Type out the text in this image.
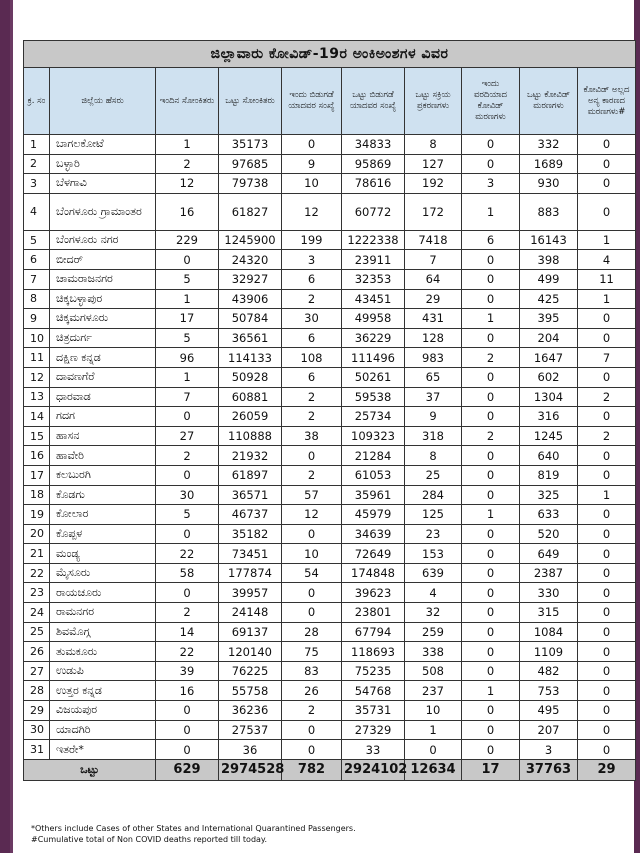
ಜಿಲ್ಲಾವಾರು ಕೋವಿಡ್-19ರ ಅಂಕಿಅಂಶಗಳ ವಿವರ									
ಕ್ರ. ಸಂ	ಜಿಲ್ಲೆಯ ಹೆಸರು	ಇಂದಿನ ಸೋಂಕಿತರು	ಒಟ್ಟು ಸೋಂಕಿತರು	ಇಂದು ಬಿಡುಗಡೆ ಯಾದವರ ಸಂಖ್ಯೆ	ಒಟ್ಟು ಬಿಡುಗಡೆ ಯಾದವರ ಸಂಖ್ಯೆ	ಒಟ್ಟು ಸಕ್ರಿಯ ಪ್ರಕರಣಗಳು	ಇಂದು ವರದಿಯಾದ ಕೋವಿಡ್ ಮರಣಗಳು	ಒಟ್ಟು ಕೋವಿಡ್ ಮರಣಗಳು	ಕೋವಿಡ್ ಅಲ್ಲದ ಅನ್ಯ ಕಾರಣದ ಮರಣಗಳು#
1	ಬಾಗಲಕೋಟೆ	1	35173	0	34833	8	0	332	0
2	ಬಳ್ಳಾರಿ	2	97685	9	95869	127	0	1689	0
3	ಬೆಳಗಾವಿ	12	79738	10	78616	192	3	930	0
4	ಬೆಂಗಳೂರು ಗ್ರಾಮಾಂತರ	16	61827	12	60772	172	1	883	0
5	ಬೆಂಗಳೂರು ನಗರ	229	1245900	199	1222338	7418	6	16143	1
6	ಬೀದರ್	0	24320	3	23911	7	0	398	4
7	ಚಾಮರಾಜನಗರ	5	32927	6	32353	64	0	499	11
8	ಚಿಕ್ಕಬಳ್ಳಾಪುರ	1	43906	2	43451	29	0	425	1
9	ಚಿಕ್ಕಮಗಳೂರು	17	50784	30	49958	431	1	395	0
10	ಚಿತ್ರದುರ್ಗ	5	36561	6	36229	128	0	204	0
11	ದಕ್ಷಿಣ ಕನ್ನಡ	96	114133	108	111496	983	2	1647	7
12	ದಾವಣಗೆರೆ	1	50928	6	50261	65	0	602	0
13	ಧಾರವಾಡ	7	60881	2	59538	37	0	1304	2
14	ಗದಗ	0	26059	2	25734	9	0	316	0
15	ಹಾಸನ	27	110888	38	109323	318	2	1245	2
16	ಹಾವೇರಿ	2	21932	0	21284	8	0	640	0
17	ಕಲಬುರಗಿ	0	61897	2	61053	25	0	819	0
18	ಕೊಡಗು	30	36571	57	35961	284	0	325	1
19	ಕೋಲಾರ	5	46737	12	45979	125	1	633	0
20	ಕೊಪ್ಪಳ	0	35182	0	34639	23	0	520	0
21	ಮಂಡ್ಯ	22	73451	10	72649	153	0	649	0
22	ಮೈಸೂರು	58	177874	54	174848	639	0	2387	0
23	ರಾಯಚೂರು	0	39957	0	39623	4	0	330	0
24	ರಾಮನಗರ	2	24148	0	23801	32	0	315	0
25	ಶಿವಮೊಗ್ಗ	14	69137	28	67794	259	0	1084	0
26	ತುಮಕೂರು	22	120140	75	118693	338	0	1109	0
27	ಉಡುಪಿ	39	76225	83	75235	508	0	482	0
28	ಉತ್ತರ ಕನ್ನಡ	16	55758	26	54768	237	1	753	0
29	ವಿಜಯಪುರ	0	36236	2	35731	10	0	495	0
30	ಯಾದಗಿರಿ	0	27537	0	27329	1	0	207	0
31	ಇತರೇ*	0	36	0	33	0	0	3	0
ಒಟ್ಟು		629	2974528	782	2924102	12634	17	37763	29
*Others include Cases of other States and International Quarantined Passengers.
#Cumulative total of Non COVID deaths reported till today.
